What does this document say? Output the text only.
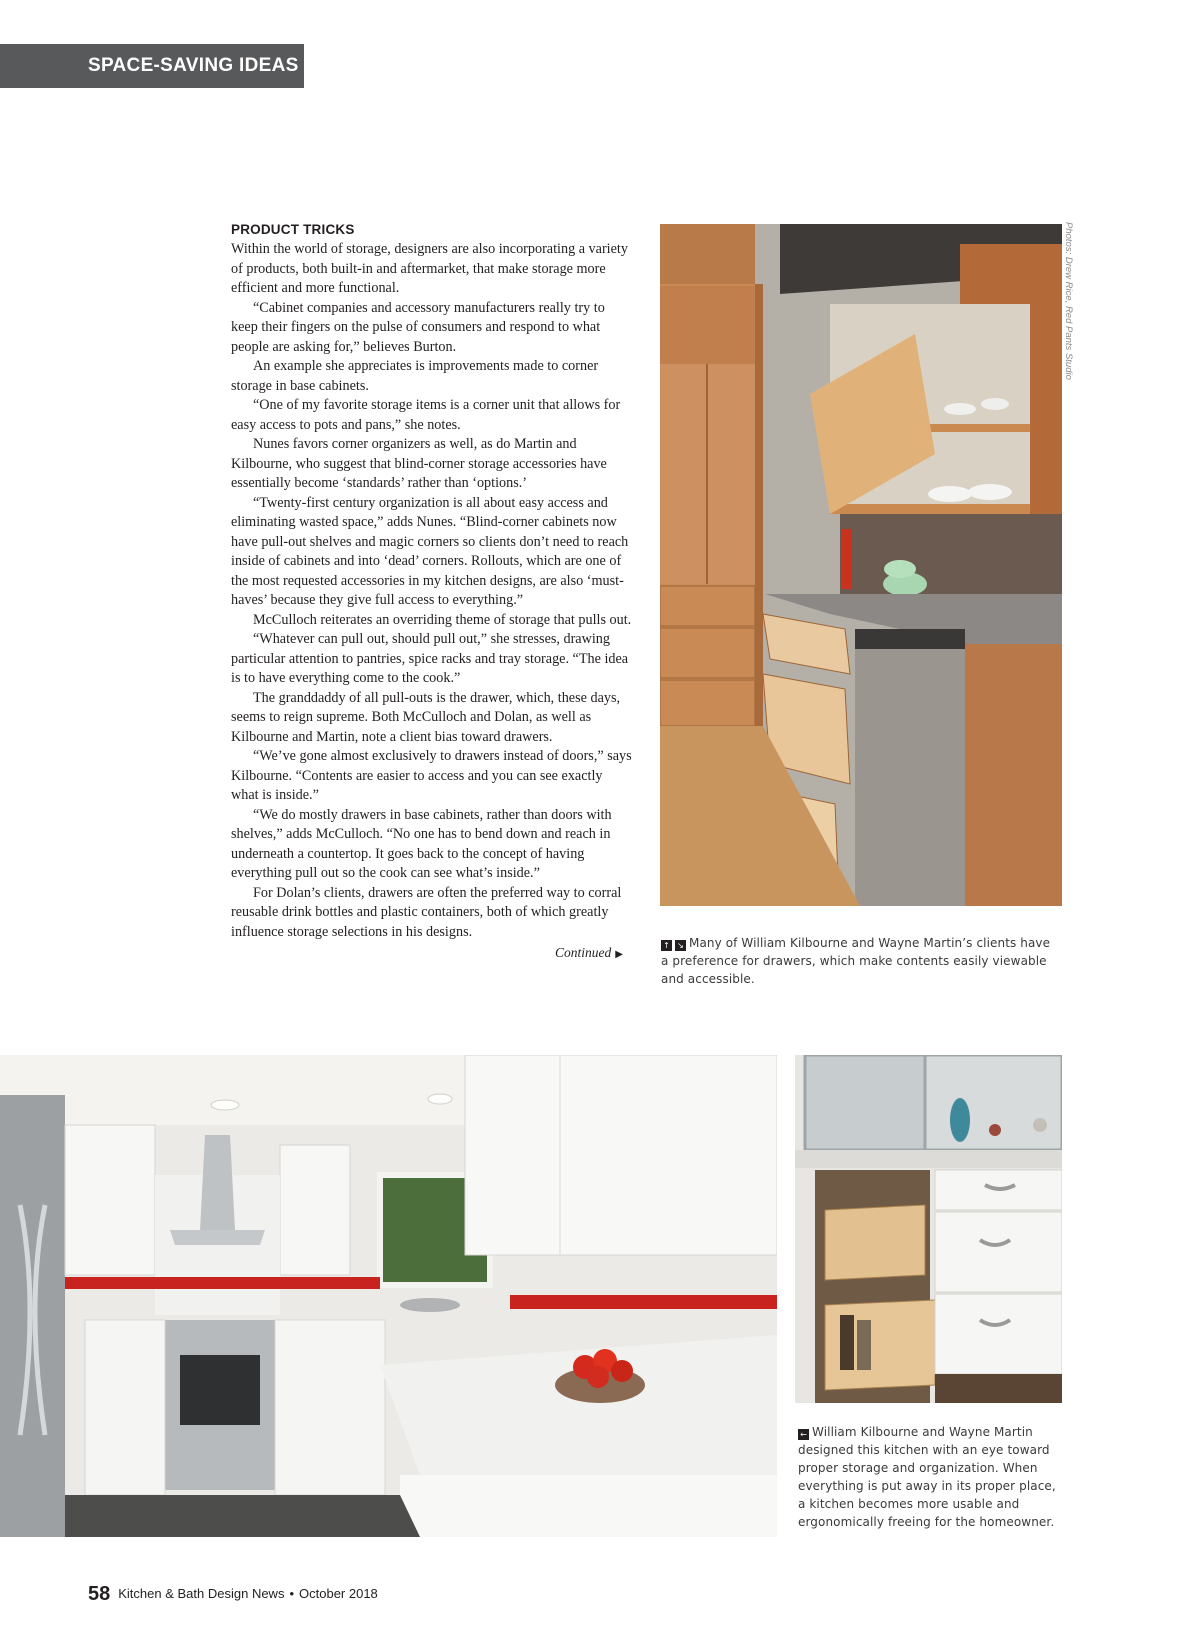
SPACE-SAVING IDEAS
PRODUCT TRICKS

Within the world of storage, designers are also incorporating a variety of products, both built-in and aftermarket, that make storage more efficient and more functional.

“Cabinet companies and accessory manufacturers really try to keep their fingers on the pulse of consumers and respond to what people are asking for,” believes Burton.

An example she appreciates is improvements made to corner storage in base cabinets.

“One of my favorite storage items is a corner unit that allows for easy access to pots and pans,” she notes.

Nunes favors corner organizers as well, as do Martin and Kilbourne, who suggest that blind-corner storage accessories have essentially become ‘standards’ rather than ‘options.’

“Twenty-first century organization is all about easy access and eliminating wasted space,” adds Nunes. “Blind-corner cabinets now have pull-out shelves and magic corners so clients don’t need to reach inside of cabinets and into ‘dead’ corners. Rollouts, which are one of the most requested accessories in my kitchen designs, are also ‘must-haves’ because they give full access to everything.”

McCulloch reiterates an overriding theme of storage that pulls out.

“Whatever can pull out, should pull out,” she stresses, drawing particular attention to pantries, spice racks and tray storage. “The idea is to have everything come to the cook.”

The granddaddy of all pull-outs is the drawer, which, these days, seems to reign supreme. Both McCulloch and Dolan, as well as Kilbourne and Martin, note a client bias toward drawers.

“We’ve gone almost exclusively to drawers instead of doors,” says Kilbourne. “Contents are easier to access and you can see exactly what is inside.”

“We do mostly drawers in base cabinets, rather than doors with shelves,” adds McCulloch. “No one has to bend down and reach in underneath a countertop. It goes back to the concept of having everything pull out so the cook can see what’s inside.”

For Dolan’s clients, drawers are often the preferred way to corral reusable drink bottles and plastic containers, both of which greatly influence storage selections in his designs.

Continued ▶
Photos: Drew Rice, Red Pants Studio
↑ ↘ Many of William Kilbourne and Wayne Martin’s clients have a preference for drawers, which make contents easily viewable and accessible.
← William Kilbourne and Wayne Martin designed this kitchen with an eye toward proper storage and organization. When everything is put away in its proper place, a kitchen becomes more usable and ergonomically freeing for the homeowner.
58 Kitchen & Bath Design News • October 2018
